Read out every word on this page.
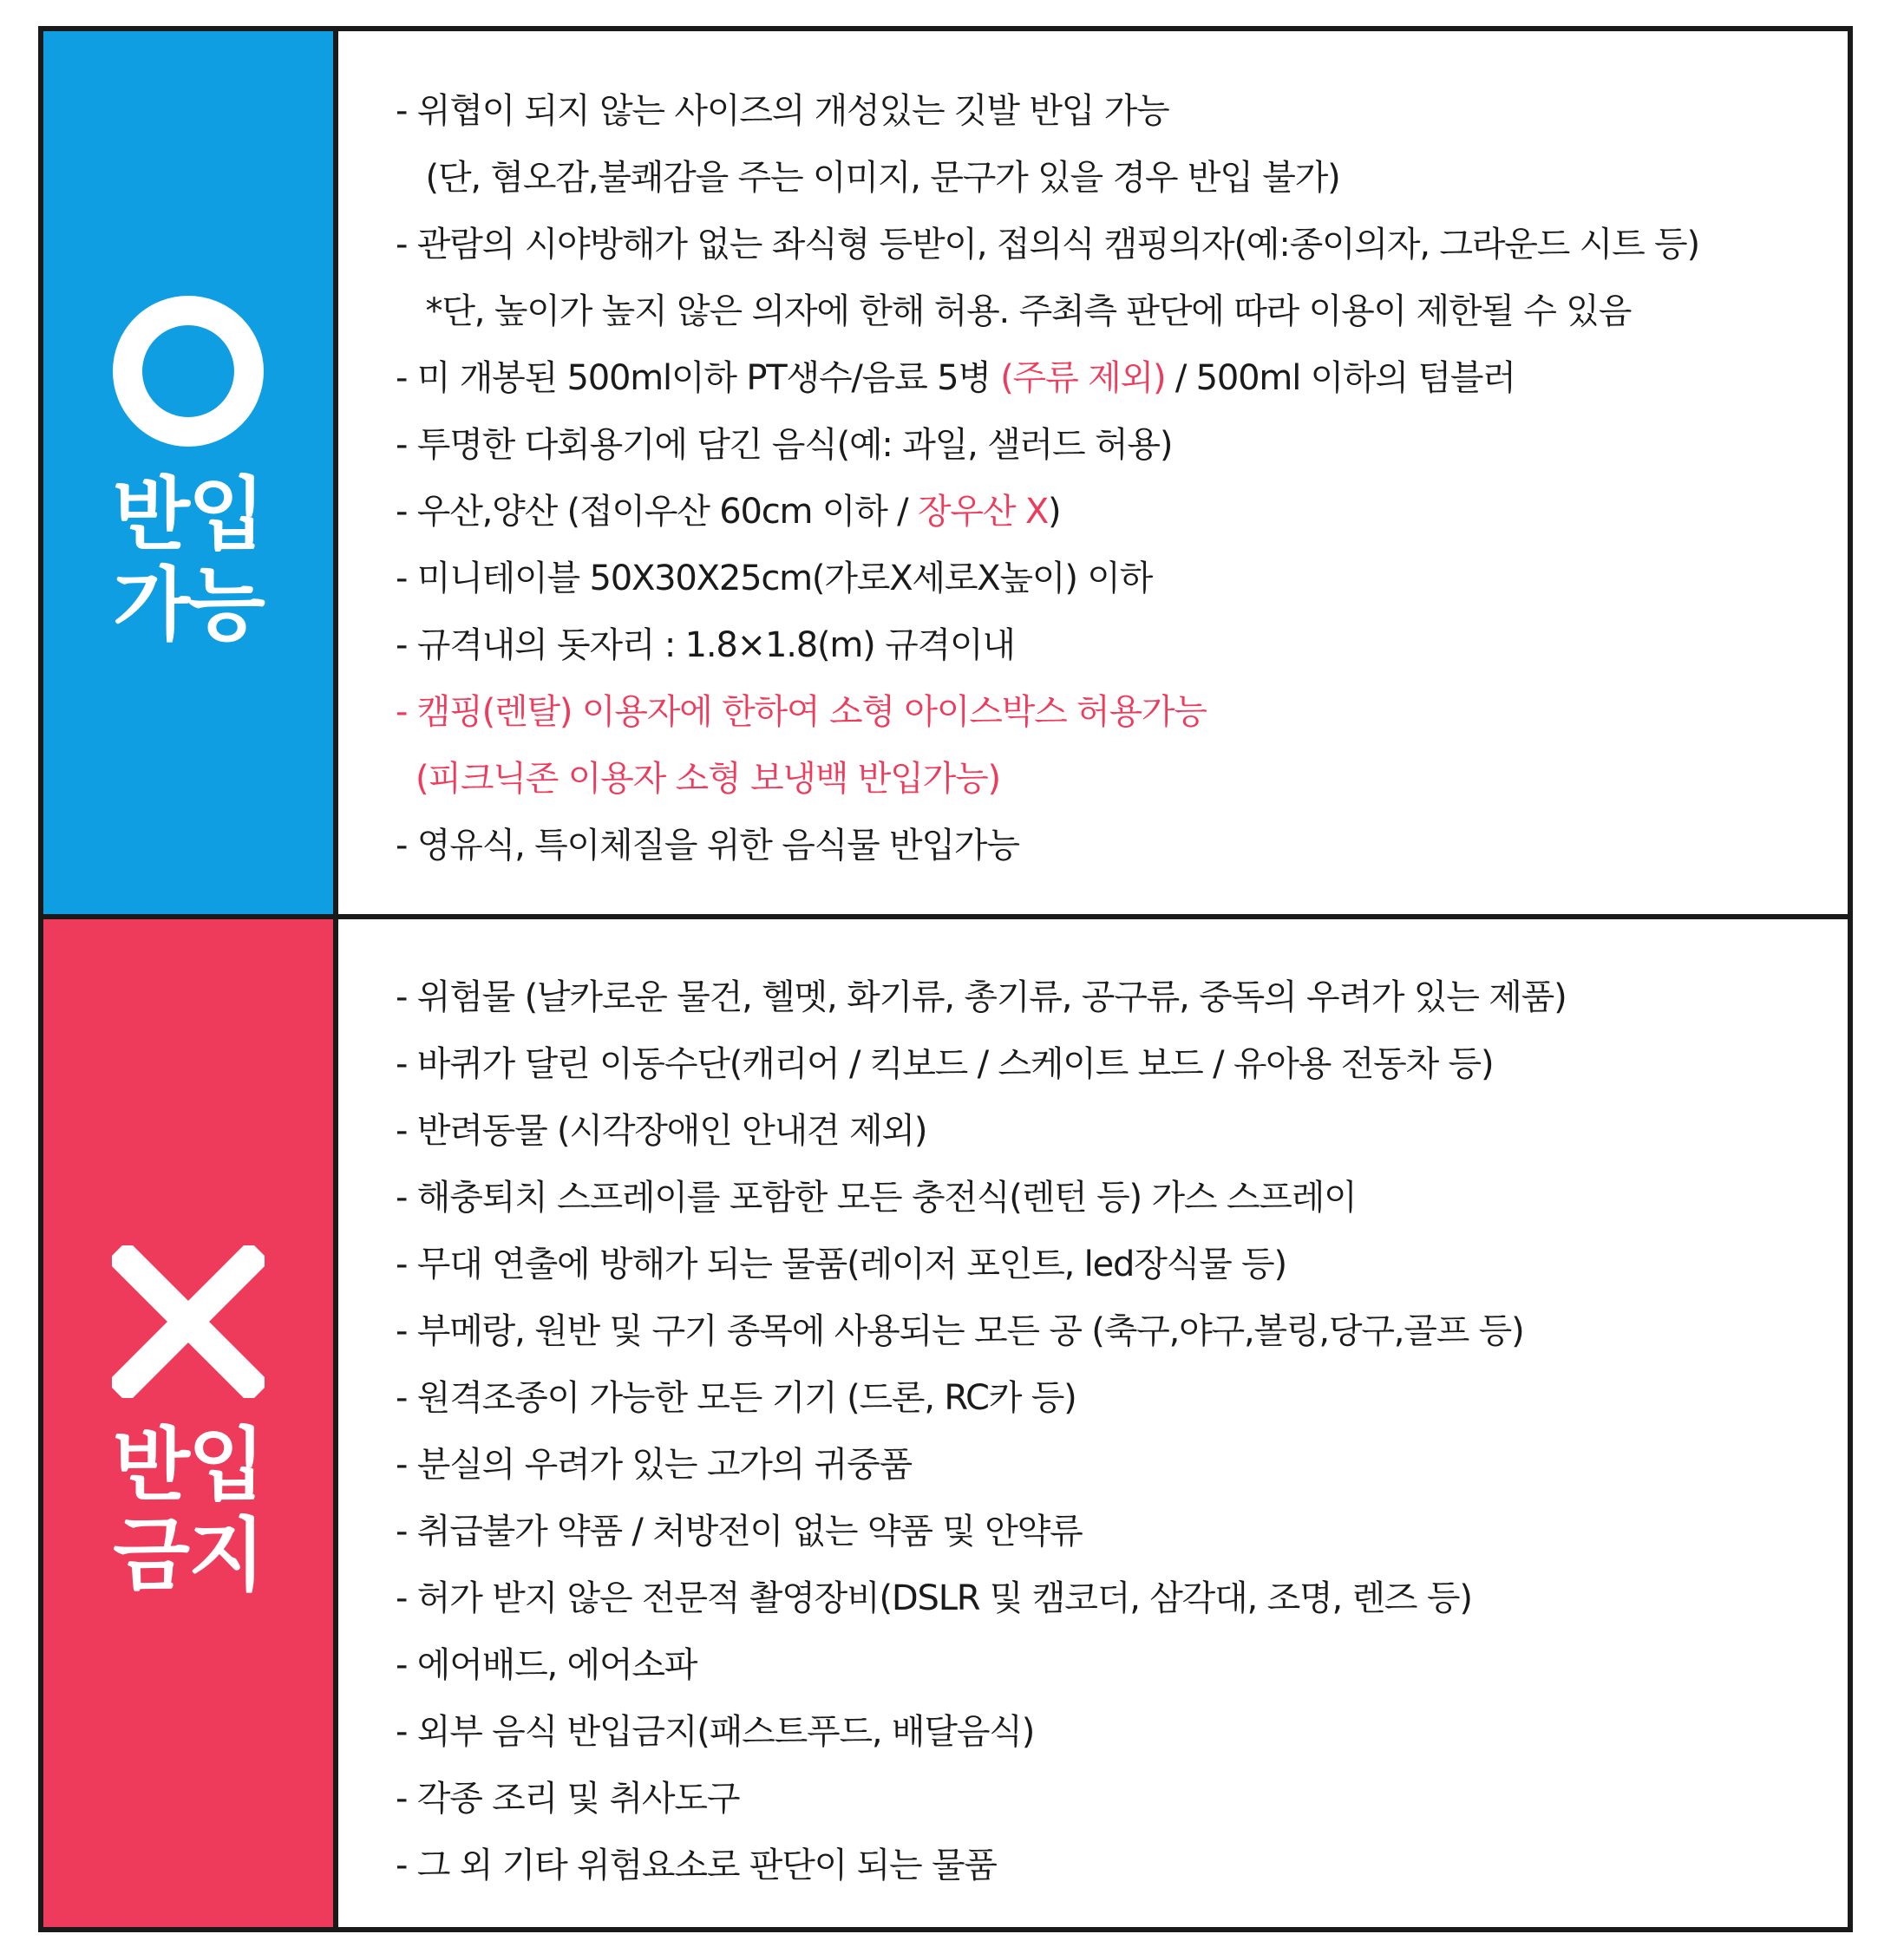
반입
가능
- 위협이 되지 않는 사이즈의 개성있는 깃발 반입 가능
(단, 혐오감,불쾌감을 주는 이미지, 문구가 있을 경우 반입 불가)
- 관람의 시야방해가 없는 좌식형 등받이, 접의식 캠핑의자(예:종이의자, 그라운드 시트 등)
*단, 높이가 높지 않은 의자에 한해 허용. 주최측 판단에 따라 이용이 제한될 수 있음
- 미 개봉된 500ml이하 PT생수/음료 5병 (주류 제외) / 500ml 이하의 텀블러
- 투명한 다회용기에 담긴 음식(예: 과일, 샐러드 허용)
- 우산,양산 (접이우산 60cm 이하 / 장우산 X)
- 미니테이블 50X30X25cm(가로X세로X높이) 이하
- 규격내의 돗자리 : 1.8×1.8(m) 규격이내
- 캠핑(렌탈) 이용자에 한하여 소형 아이스박스 허용가능
(피크닉존 이용자 소형 보냉백 반입가능)
- 영유식, 특이체질을 위한 음식물 반입가능
반입
금지
- 위험물 (날카로운 물건, 헬멧, 화기류, 총기류, 공구류, 중독의 우려가 있는 제품)
- 바퀴가 달린 이동수단(캐리어 / 킥보드 / 스케이트 보드 / 유아용 전동차 등)
- 반려동물 (시각장애인 안내견 제외)
- 해충퇴치 스프레이를 포함한 모든 충전식(렌턴 등) 가스 스프레이
- 무대 연출에 방해가 되는 물품(레이저 포인트, led장식물 등)
- 부메랑, 원반 및 구기 종목에 사용되는 모든 공 (축구,야구,볼링,당구,골프 등)
- 원격조종이 가능한 모든 기기 (드론, RC카 등)
- 분실의 우려가 있는 고가의 귀중품
- 취급불가 약품 / 처방전이 없는 약품 및 안약류
- 허가 받지 않은 전문적 촬영장비(DSLR 및 캠코더, 삼각대, 조명, 렌즈 등)
- 에어배드, 에어소파
- 외부 음식 반입금지(패스트푸드, 배달음식)
- 각종 조리 및 취사도구
- 그 외 기타 위험요소로 판단이 되는 물품
